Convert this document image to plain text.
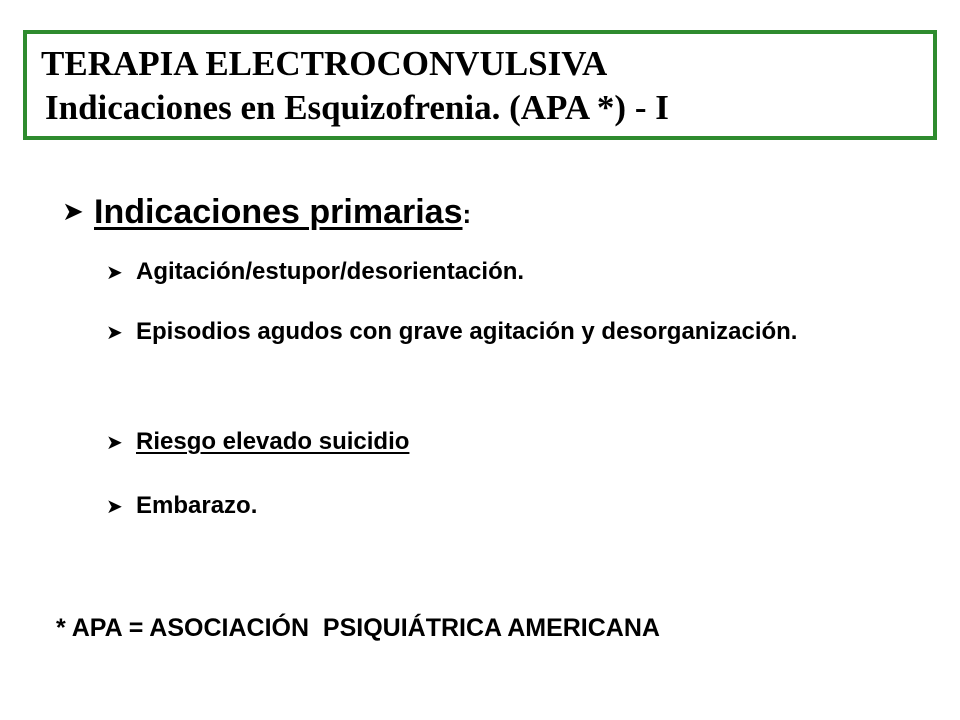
TERAPIA ELECTROCONVULSIVA
Indicaciones en Esquizofrenia. (APA *) - I
➤ Indicaciones primarias:
➤ Agitación/estupor/desorientación.
➤ Episodios agudos con grave agitación y desorganización.
➤ Riesgo elevado suicidio
➤ Embarazo.
* APA = ASOCIACIÓN  PSIQUIÁTRICA AMERICANA
